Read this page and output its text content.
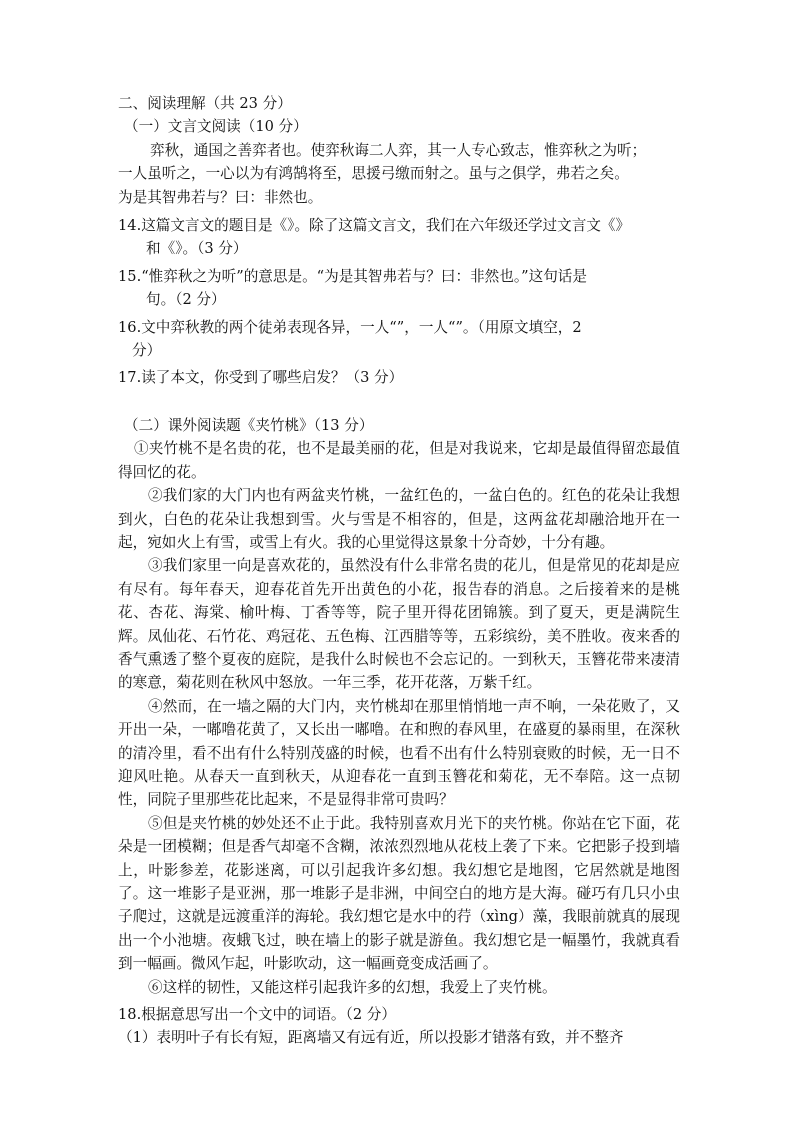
二、阅读理解（共 23 分）

（一）文言文阅读（10 分）

弈秋，通国之善弈者也。使弈秋诲二人弈，其一人专心致志，惟弈秋之为听；
一人虽听之，一心以为有鸿鹄将至，思援弓缴而射之。虽与之俱学，弗若之矣。
为是其智弗若与？曰：非然也。
14.这篇文言文的题目是《》。除了这篇文言文，我们在六年级还学过文言文《》
和《》。（3 分）
15.“惟弈秋之为听”的意思是。“为是其智弗若与？曰：非然也。”这句话是
句。（2 分）
16.文中弈秋教的两个徒弟表现各异，一人“”，一人“”。（用原文填空，2
分）
17.读了本文，你受到了哪些启发？（3 分）

（二）课外阅读题《夹竹桃》（13 分）

①夹竹桃不是名贵的花，也不是最美丽的花，但是对我说来，它却是最值得留恋最值得回忆的花。

②我们家的大门内也有两盆夹竹桃，一盆红色的，一盆白色的。红色的花朵让我想到火，白色的花朵让我想到雪。火与雪是不相容的，但是，这两盆花却融洽地开在一起，宛如火上有雪，或雪上有火。我的心里觉得这景象十分奇妙，十分有趣。

③我们家里一向是喜欢花的，虽然没有什么非常名贵的花儿，但是常见的花却是应有尽有。每年春天，迎春花首先开出黄色的小花，报告春的消息。之后接着来的是桃花、杏花、海棠、榆叶梅、丁香等等，院子里开得花团锦簇。到了夏天，更是满院生辉。凤仙花、石竹花、鸡冠花、五色梅、江西腊等等，五彩缤纷，美不胜收。夜来香的香气熏透了整个夏夜的庭院，是我什么时候也不会忘记的。一到秋天，玉簪花带来凄清的寒意，菊花则在秋风中怒放。一年三季，花开花落，万紫千红。

④然而，在一墙之隔的大门内，夹竹桃却在那里悄悄地一声不响，一朵花败了，又开出一朵，一嘟噜花黄了，又长出一嘟噜。在和煦的春风里，在盛夏的暴雨里，在深秋的清冷里，看不出有什么特别茂盛的时候，也看不出有什么特别衰败的时候，无一日不迎风吐艳。从春天一直到秋天，从迎春花一直到玉簪花和菊花，无不奉陪。这一点韧性，同院子里那些花比起来，不是显得非常可贵吗？

⑤但是夹竹桃的妙处还不止于此。我特别喜欢月光下的夹竹桃。你站在它下面，花朵是一团模糊；但是香气却毫不含糊，浓浓烈烈地从花枝上袭了下来。它把影子投到墙上，叶影参差，花影迷离，可以引起我许多幻想。我幻想它是地图，它居然就是地图了。这一堆影子是亚洲，那一堆影子是非洲，中间空白的地方是大海。碰巧有几只小虫子爬过，这就是远渡重洋的海轮。我幻想它是水中的荇（xìng）藻，我眼前就真的展现出一个小池塘。夜蛾飞过，映在墙上的影子就是游鱼。我幻想它是一幅墨竹，我就真看到一幅画。微风乍起，叶影吹动，这一幅画竟变成活画了。

⑥这样的韧性，又能这样引起我许多的幻想，我爱上了夹竹桃。

18.根据意思写出一个文中的词语。（2 分）
（1）表明叶子有长有短，距离墙又有远有近，所以投影才错落有致，并不整齐
